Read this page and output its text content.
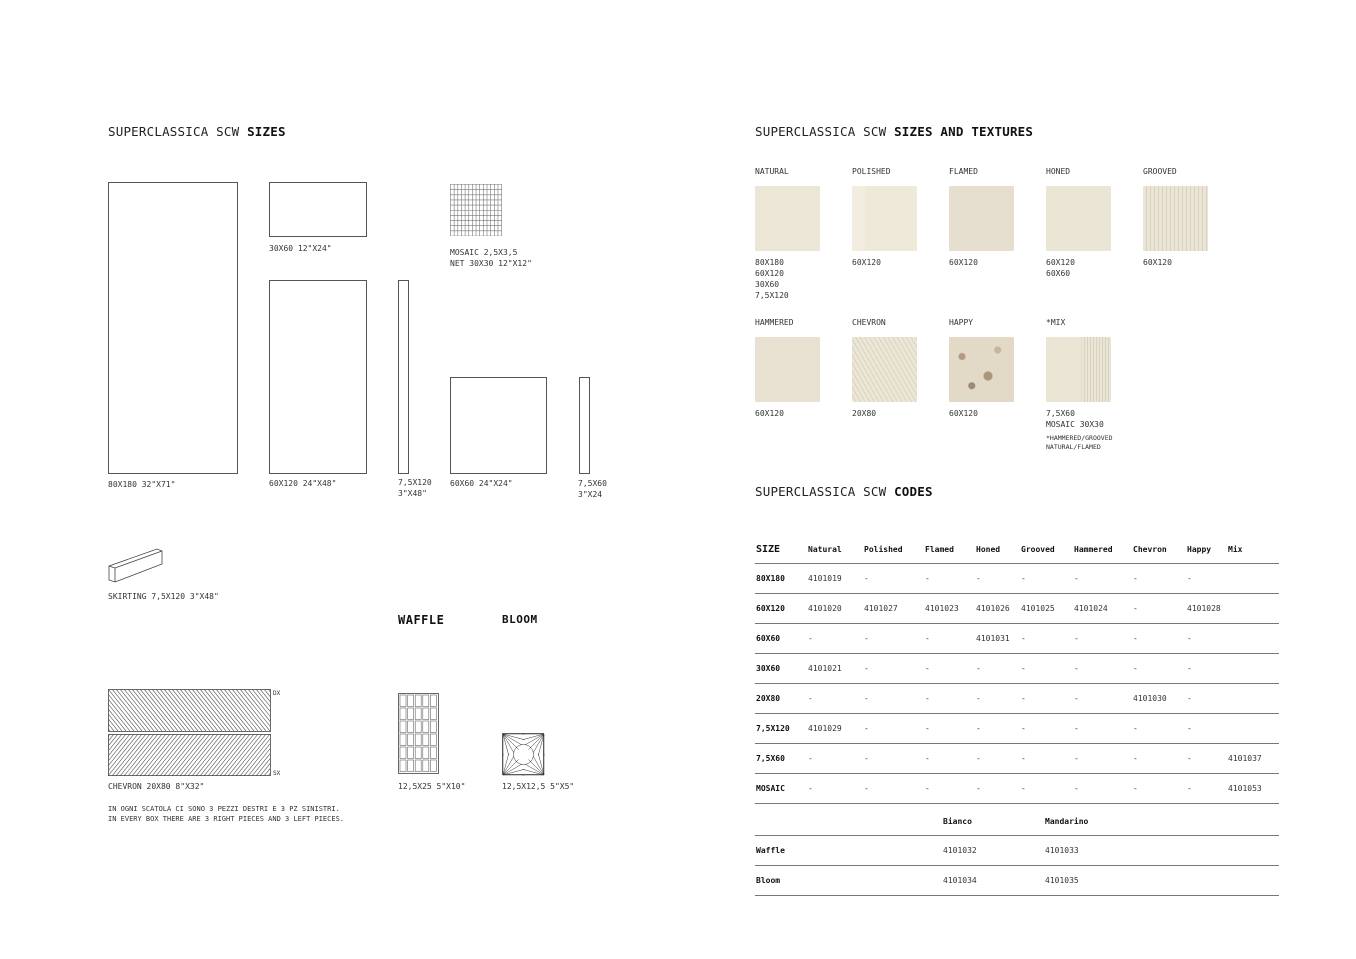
SUPERCLASSICA SCW SIZES
80X180 32"X71"
30X60 12"X24"	MOSAIC 2,5X3,5
NET 30X30 12"X12"
60X120 24"X48"	7,5X120
3"X48"
60X60 24"X24"	7,5X60
3"X24
SKIRTING 7,5X120 3"X48"
WAFFLE	BLOOM
DX
SX
CHEVRON 20X80 8"X32"
IN OGNI SCATOLA CI SONO 3 PEZZI DESTRI E 3 PZ SINISTRI.
IN EVERY BOX THERE ARE 3 RIGHT PIECES AND 3 LEFT PIECES.
12,5X25 5"X10"	12,5X12,5 5"X5"
SUPERCLASSICA SCW SIZES AND TEXTURES
NATURAL
80X180
60X120
30X60
7,5X120
POLISHED
60X120
FLAMED
60X120
HONED
60X120
60X60
GROOVED
60X120
HAMMERED
60X120
CHEVRON
20X80
HAPPY
60X120
*MIX
7,5X60
MOSAIC 30X30
*HAMMERED/GROOVED
NATURAL/FLAMED
SUPERCLASSICA SCW CODES
SIZE	Natural	Polished	Flamed	Honed	Grooved	Hammered	Chevron	Happy	Mix
80X180	4101019	-	-	-	-	-	-	-	
60X120	4101020	4101027	4101023	4101026	4101025	4101024	-	4101028	
60X60	-	-	-	4101031	-	-	-	-	
30X60	4101021	-	-	-	-	-	-	-	
20X80	-	-	-	-	-	-	4101030	-	
7,5X120	4101029	-	-	-	-	-	-	-	
7,5X60	-	-	-	-	-	-	-	-	4101037
MOSAIC	-	-	-	-	-	-	-	-	4101053
	Bianco	Mandarino
Waffle	4101032	4101033
Bloom	4101034	4101035
